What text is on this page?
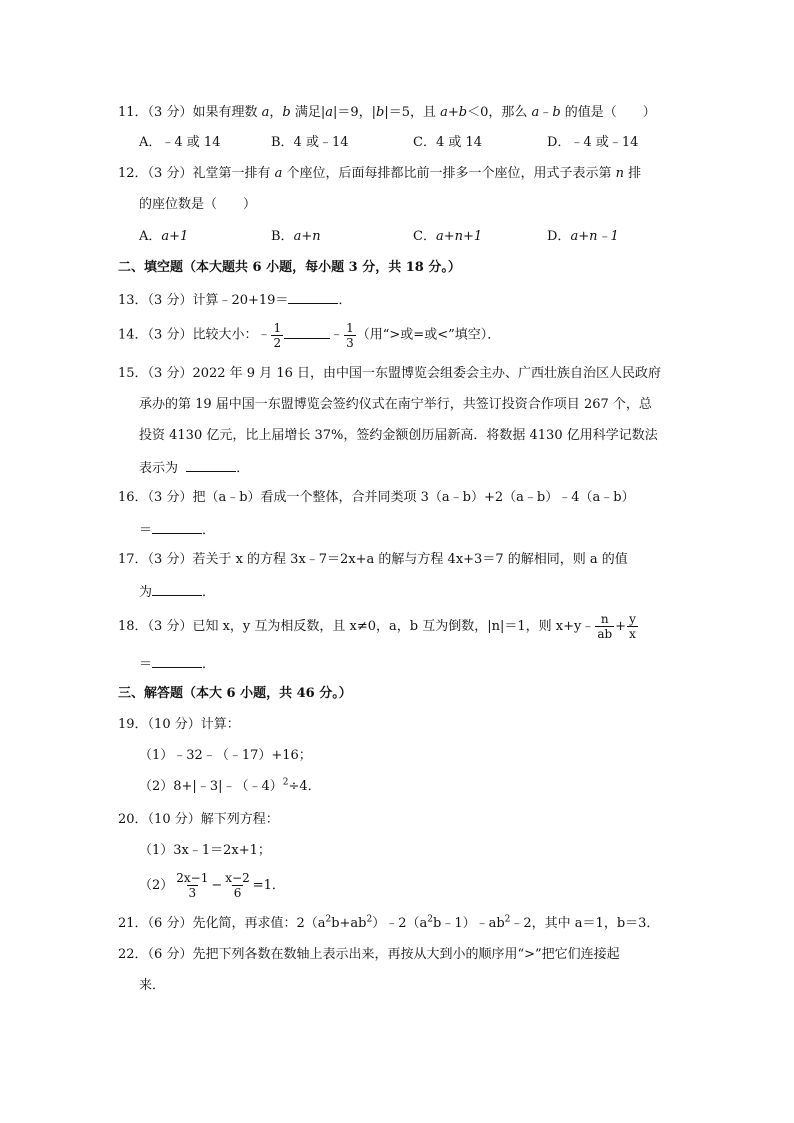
11．（3 分）如果有理数 a，b 满足|a|＝9，|b|＝5，且 a+b＜0，那么 a﹣b 的值是（　　）
A．﹣4 或 14	B．4 或﹣14	C．4 或 14	D．﹣4 或﹣14
12．（3 分）礼堂第一排有 a 个座位，后面每排都比前一排多一个座位，用式子表示第 n 排
的座位数是（　　）
A．a+1	B．a+n	C．a+n+1	D．a+n﹣1
二、填空题（本大题共 6 小题，每小题 3 分，共 18 分。）
13．（3 分）计算﹣20+19＝	．
14．（3 分）比较大小： ﹣ $\frac{1}{2}$	﹣ $\frac{1}{3}$ （用“>或=或<”填空）．
15．（3 分）2022 年 9 月 16 日，由中国一东盟博览会组委会主办、广西壮族自治区人民政府
承办的第 19 届中国一东盟博览会签约仪式在南宁举行，共签订投资合作项目 267 个，总
投资 4130 亿元，比上届增长 37%，签约金额创历届新高．将数据 4130 亿用科学记数法
表示为	．
16．（3 分）把（a﹣b）看成一个整体，合并同类项 3（a﹣b）+2（a﹣b）﹣4（a﹣b）
＝	．
17．（3 分）若关于 x 的方程 3x﹣7＝2x+a 的解与方程 4x+3＝7 的解相同，则 a 的值
为	．
18．（3 分）已知 x，y 互为相反数，且 x≠0，a，b 互为倒数，|n|＝1，则 x+y﹣ $\frac{n}{ab} + \frac{y}{x}$
＝	．
三、解答题（本大 6 小题，共 46 分。）
19．（10 分）计算：
（1）﹣32﹣（﹣17）+16；
（2）8+|﹣3|﹣（﹣4）$^2$÷4．
20．（10 分）解下列方程：
（1）3x﹣1＝2x+1；
$(2) \frac{2x-1}{3} - \frac{x-2}{6} =1$．
21．（6 分）先化简，再求值：$2(a^2b+ab^2)﹣2(a^2b﹣1)﹣ab^2﹣2$，其中 a＝1，b＝3．
22．（6 分）先把下列各数在数轴上表示出来，再按从大到小的顺序用“>”把它们连接起
来．
